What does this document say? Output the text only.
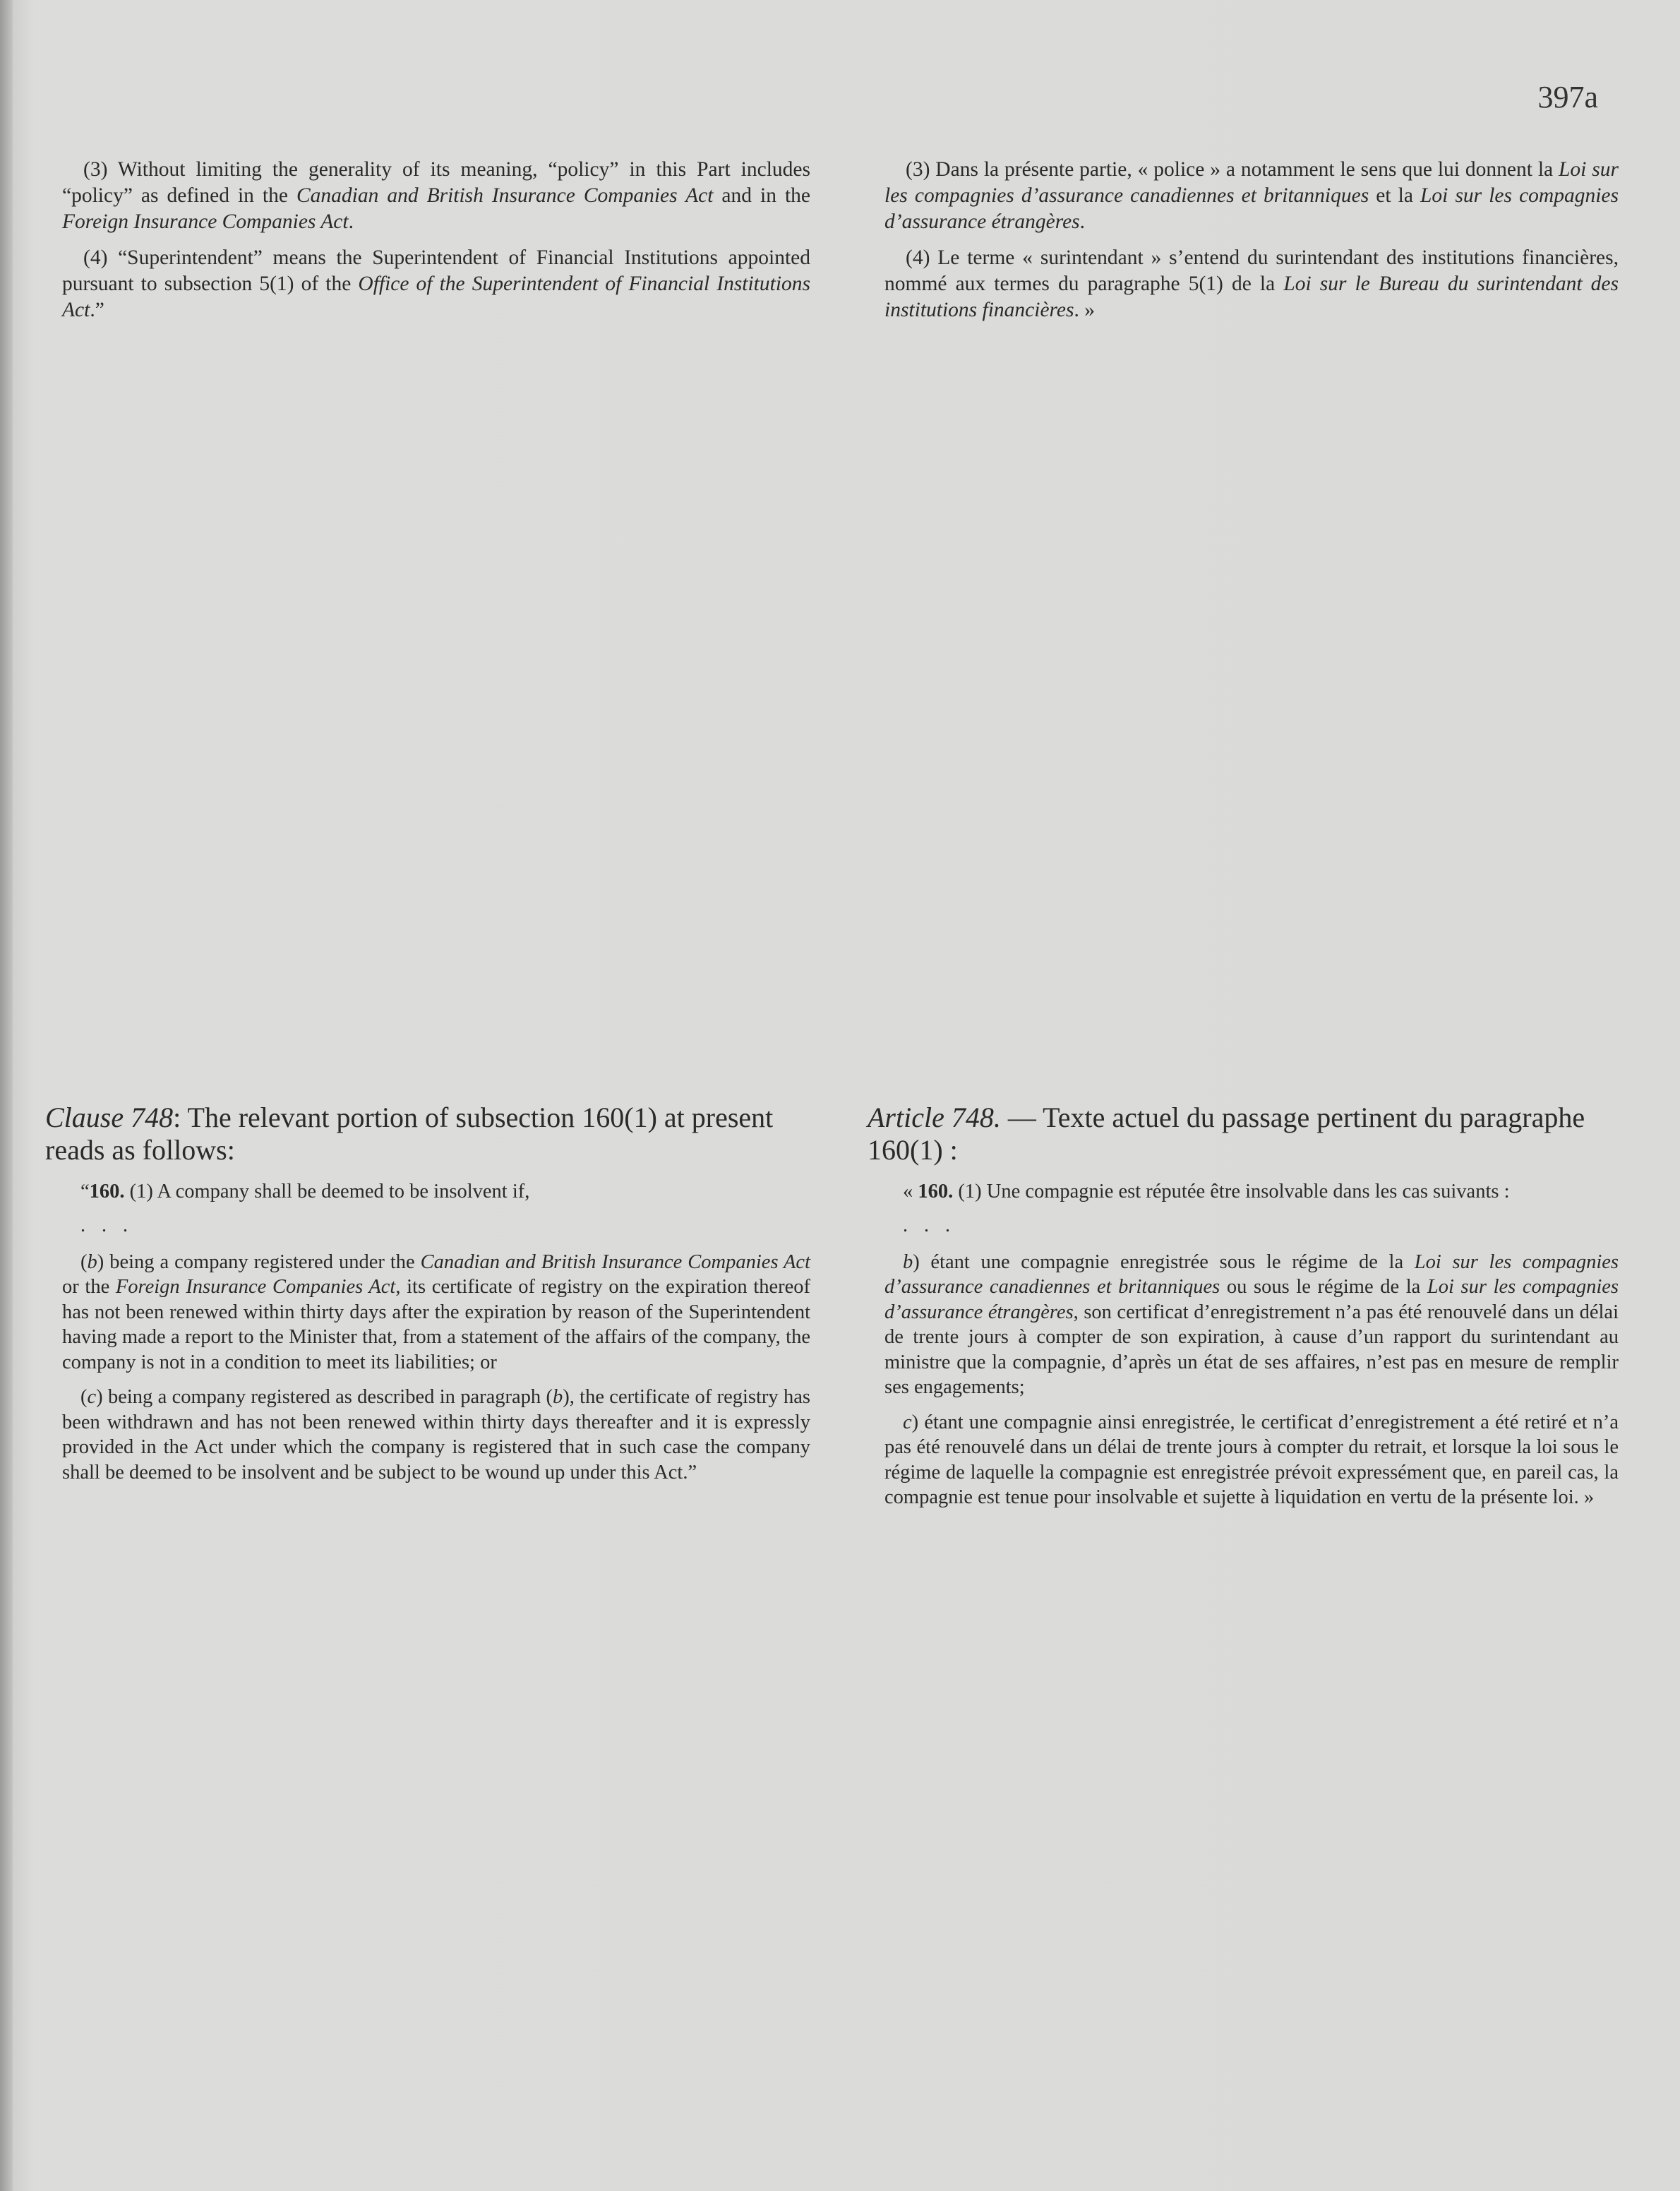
397a

(3) Without limiting the generality of its meaning, “policy” in this Part includes “policy” as defined in the Canadian and British Insurance Companies Act and in the Foreign Insurance Companies Act.

(4) “Superintendent” means the Superintendent of Financial Institutions appointed pursuant to subsection 5(1) of the Office of the Superintendent of Financial Institutions Act.”

(3) Dans la présente partie, « police » a notamment le sens que lui donnent la Loi sur les compagnies d’assurance canadiennes et britanniques et la Loi sur les compagnies d’assurance étrangères.

(4) Le terme « surintendant » s’entend du surintendant des institutions financières, nommé aux termes du paragraphe 5(1) de la Loi sur le Bureau du surintendant des institutions financières. »

Clause 748: The relevant portion of subsection 160(1) at present reads as follows:

“160. (1) A company shall be deemed to be insolvent if,

. . .

(b) being a company registered under the Canadian and British Insurance Companies Act or the Foreign Insurance Companies Act, its certificate of registry on the expiration thereof has not been renewed within thirty days after the expiration by reason of the Superintendent having made a report to the Minister that, from a statement of the affairs of the company, the company is not in a condition to meet its liabilities; or

(c) being a company registered as described in paragraph (b), the certificate of registry has been withdrawn and has not been renewed within thirty days thereafter and it is expressly provided in the Act under which the company is registered that in such case the company shall be deemed to be insolvent and be subject to be wound up under this Act.”

Article 748. — Texte actuel du passage pertinent du paragraphe 160(1) :

« 160. (1) Une compagnie est réputée être insolvable dans les cas suivants :

. . .

b) étant une compagnie enregistrée sous le régime de la Loi sur les compagnies d’assurance canadiennes et britanniques ou sous le régime de la Loi sur les compagnies d’assurance étrangères, son certificat d’enregistrement n’a pas été renouvelé dans un délai de trente jours à compter de son expiration, à cause d’un rapport du surintendant au ministre que la compagnie, d’après un état de ses affaires, n’est pas en mesure de remplir ses engagements;

c) étant une compagnie ainsi enregistrée, le certificat d’enregistrement a été retiré et n’a pas été renouvelé dans un délai de trente jours à compter du retrait, et lorsque la loi sous le régime de laquelle la compagnie est enregistrée prévoit expressément que, en pareil cas, la compagnie est tenue pour insolvable et sujette à liquidation en vertu de la présente loi. »
